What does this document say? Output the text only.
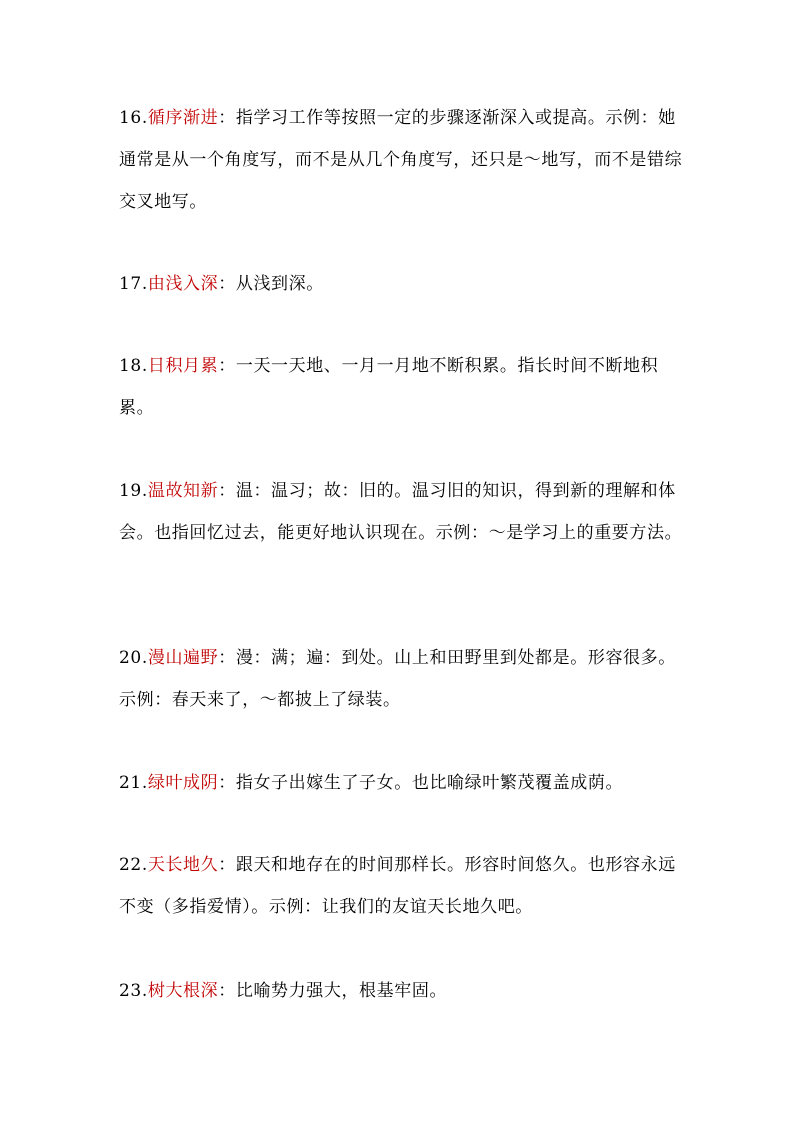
16.循序渐进：指学习工作等按照一定的步骤逐渐深入或提高。示例：她通常是从一个角度写，而不是从几个角度写，还只是～地写，而不是错综交叉地写。
17.由浅入深：从浅到深。
18.日积月累：一天一天地、一月一月地不断积累。指长时间不断地积累。
19.温故知新：温：温习；故：旧的。温习旧的知识，得到新的理解和体会。也指回忆过去，能更好地认识现在。示例：～是学习上的重要方法。
20.漫山遍野：漫：满；遍：到处。山上和田野里到处都是。形容很多。示例：春天来了，～都披上了绿装。
21.绿叶成阴：指女子出嫁生了子女。也比喻绿叶繁茂覆盖成荫。
22.天长地久：跟天和地存在的时间那样长。形容时间悠久。也形容永远不变（多指爱情）。示例：让我们的友谊天长地久吧。
23.树大根深：比喻势力强大，根基牢固。
